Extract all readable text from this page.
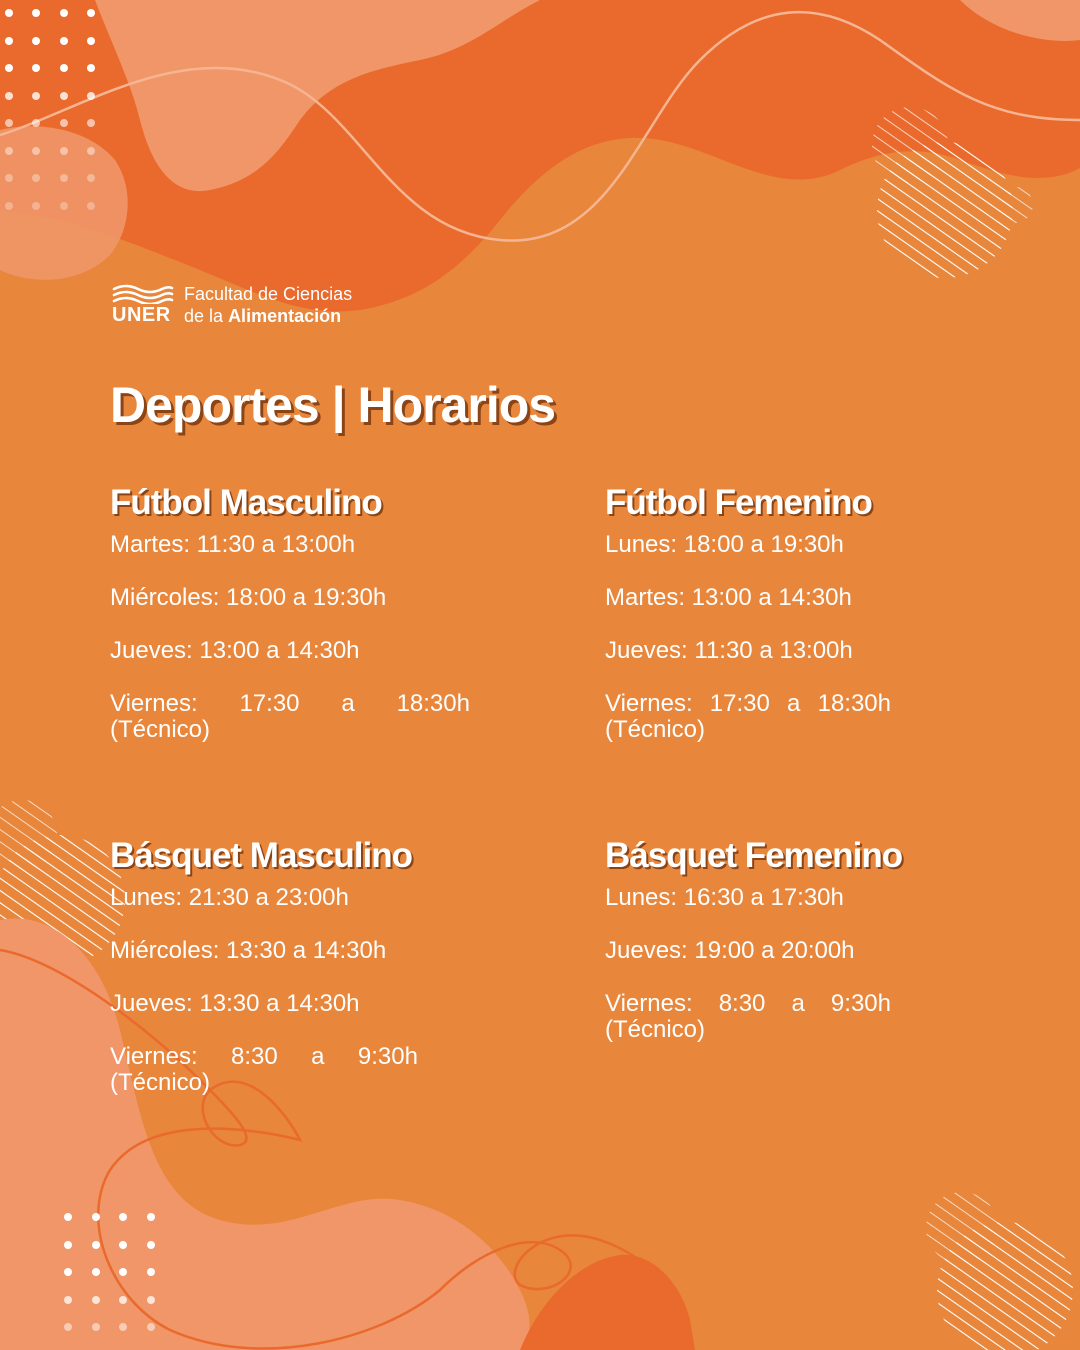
UNER
Facultad de Ciencias
de la Alimentación
Deportes | Horarios
Fútbol Masculino
Martes: 11:30 a 13:00h
Miércoles: 18:00 a 19:30h
Jueves: 13:00 a 14:30h
Viernes: 17:30 a 18:30h
(Técnico)
Fútbol Femenino
Lunes: 18:00 a 19:30h
Martes: 13:00 a 14:30h
Jueves: 11:30 a 13:00h
Viernes: 17:30 a 18:30h
(Técnico)
Básquet Masculino
Lunes: 21:30 a 23:00h
Miércoles: 13:30 a 14:30h
Jueves: 13:30 a 14:30h
Viernes: 8:30 a 9:30h
(Técnico)
Básquet Femenino
Lunes: 16:30 a 17:30h
Jueves: 19:00 a 20:00h
Viernes: 8:30 a 9:30h
(Técnico)
